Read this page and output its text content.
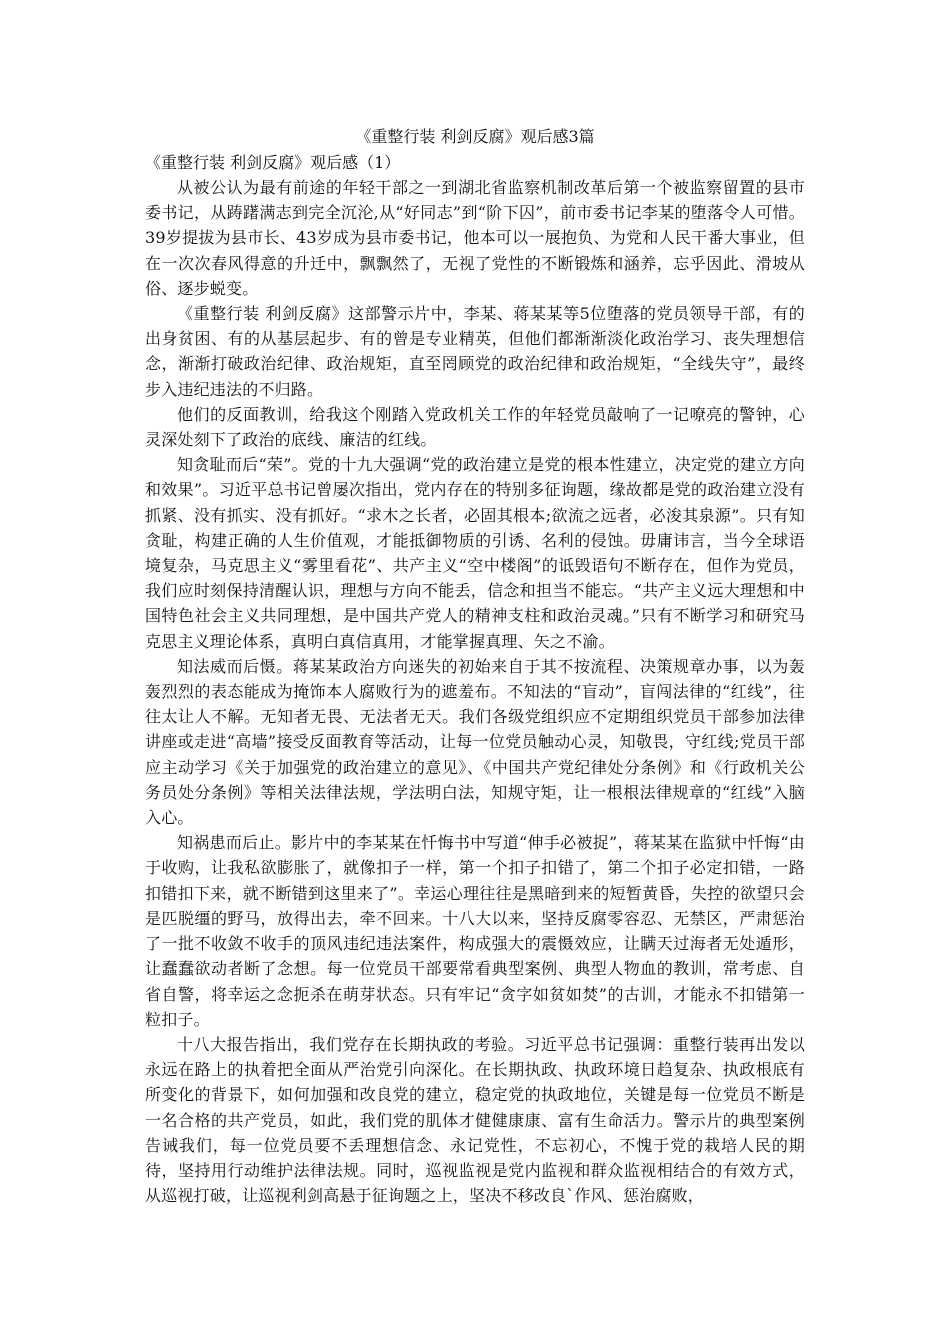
《重整行装 利剑反腐》观后感3篇

《重整行装 利剑反腐》观后感（1）

从被公认为最有前途的年轻干部之一到湖北省监察机制改革后第一个被监察留置的县市委书记，从踌躇满志到完全沉沦,从“好同志”到“阶下囚”，前市委书记李某的堕落令人可惜。39岁提拔为县市长、43岁成为县市委书记，他本可以一展抱负、为党和人民干番大事业，但在一次次春风得意的升迁中，飘飘然了，无视了党性的不断锻炼和涵养，忘乎因此、滑坡从俗、逐步蜕变。

《重整行装 利剑反腐》这部警示片中，李某、蒋某某等5位堕落的党员领导干部，有的出身贫困、有的从基层起步、有的曾是专业精英，但他们都渐渐淡化政治学习、丧失理想信念，渐渐打破政治纪律、政治规矩，直至罔顾党的政治纪律和政治规矩，“全线失守”，最终步入违纪违法的不归路。

他们的反面教训，给我这个刚踏入党政机关工作的年轻党员敲响了一记嘹亮的警钟，心灵深处刻下了政治的底线、廉洁的红线。

知贪耻而后“荣”。党的十九大强调“党的政治建立是党的根本性建立，决定党的建立方向和效果”。习近平总书记曾屡次指出，党内存在的特别多征询题，缘故都是党的政治建立没有抓紧、没有抓实、没有抓好。“求木之长者，必固其根本;欲流之远者，必浚其泉源”。只有知贪耻，构建正确的人生价值观，才能抵御物质的引诱、名利的侵蚀。毋庸讳言，当今全球语境复杂，马克思主义“雾里看花”、共产主义“空中楼阁”的诋毁语句不断存在，但作为党员，我们应时刻保持清醒认识，理想与方向不能丢，信念和担当不能忘。“共产主义远大理想和中国特色社会主义共同理想，是中国共产党人的精神支柱和政治灵魂。”只有不断学习和研究马克思主义理论体系，真明白真信真用，才能掌握真理、矢之不渝。

知法威而后慑。蒋某某政治方向迷失的初始来自于其不按流程、决策规章办事，以为轰轰烈烈的表态能成为掩饰本人腐败行为的遮羞布。不知法的“盲动”，盲闯法律的“红线”，往往太让人不解。无知者无畏、无法者无天。我们各级党组织应不定期组织党员干部参加法律讲座或走进“高墙”接受反面教育等活动，让每一位党员触动心灵，知敬畏，守红线;党员干部应主动学习《关于加强党的政治建立的意见》、《中国共产党纪律处分条例》和《行政机关公务员处分条例》等相关法律法规，学法明白法，知规守矩，让一根根法律规章的“红线”入脑入心。

知祸患而后止。影片中的李某某在忏悔书中写道“伸手必被捉”，蒋某某在监狱中忏悔“由于收购，让我私欲膨胀了，就像扣子一样，第一个扣子扣错了，第二个扣子必定扣错，一路扣错扣下来，就不断错到这里来了”。幸运心理往往是黑暗到来的短暂黄昏，失控的欲望只会是匹脱缰的野马，放得出去，牵不回来。十八大以来，坚持反腐零容忍、无禁区，严肃惩治了一批不收敛不收手的顶风违纪违法案件，构成强大的震慑效应，让瞒天过海者无处遁形，让蠢蠢欲动者断了念想。每一位党员干部要常看典型案例、典型人物血的教训，常考虑、自省自警，将幸运之念扼杀在萌芽状态。只有牢记“贪字如贫如焚”的古训，才能永不扣错第一粒扣子。

十八大报告指出，我们党存在长期执政的考验。习近平总书记强调：重整行装再出发以永远在路上的执着把全面从严治党引向深化。在长期执政、执政环境日趋复杂、执政根底有所变化的背景下，如何加强和改良党的建立，稳定党的执政地位，关键是每一位党员不断是一名合格的共产党员，如此，我们党的肌体才健健康康、富有生命活力。警示片的典型案例告诫我们，每一位党员要不丢理想信念、永记党性，不忘初心，不愧于党的栽培人民的期待，坚持用行动维护法律法规。同时，巡视监视是党内监视和群众监视相结合的有效方式，从巡视打破，让巡视利剑高悬于征询题之上，坚决不移改良`作风、惩治腐败，
